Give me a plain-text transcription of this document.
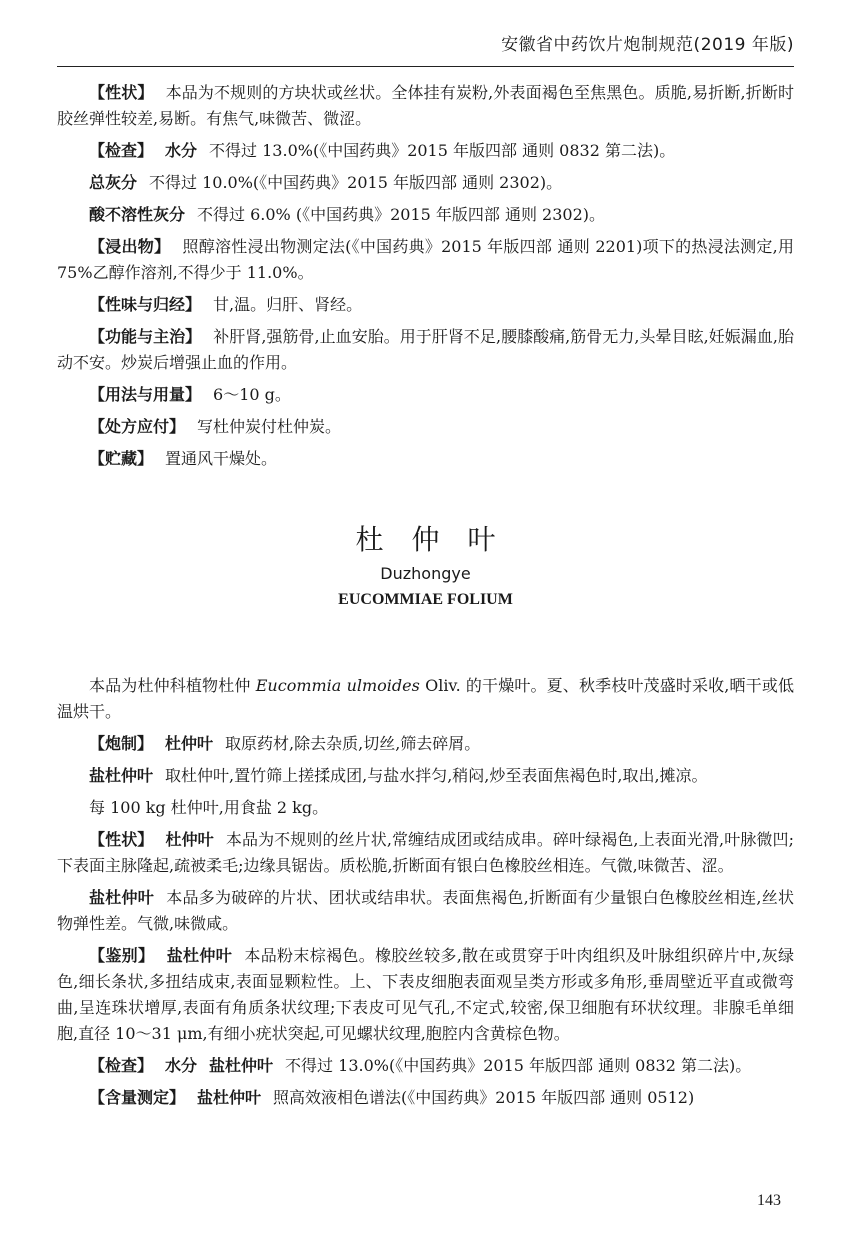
安徽省中药饮片炮制规范(2019 年版)

【性状】 本品为不规则的方块状或丝状。全体挂有炭粉,外表面褐色至焦黑色。质脆,易折断,折断时胶丝弹性较差,易断。有焦气,味微苦、微涩。

【检查】 水分 不得过 13.0%(《中国药典》2015 年版四部 通则 0832 第二法)。

总灰分 不得过 10.0%(《中国药典》2015 年版四部 通则 2302)。

酸不溶性灰分 不得过 6.0% (《中国药典》2015 年版四部 通则 2302)。

【浸出物】 照醇溶性浸出物测定法(《中国药典》2015 年版四部 通则 2201)项下的热浸法测定,用 75%乙醇作溶剂,不得少于 11.0%。

【性味与归经】 甘,温。归肝、肾经。

【功能与主治】 补肝肾,强筋骨,止血安胎。用于肝肾不足,腰膝酸痛,筋骨无力,头晕目眩,妊娠漏血,胎动不安。炒炭后增强止血的作用。

【用法与用量】 6～10 g。

【处方应付】 写杜仲炭付杜仲炭。

【贮藏】 置通风干燥处。

杜仲叶

Duzhongye

EUCOMMIAE FOLIUM

本品为杜仲科植物杜仲 Eucommia ulmoides Oliv. 的干燥叶。夏、秋季枝叶茂盛时采收,晒干或低温烘干。

【炮制】 杜仲叶 取原药材,除去杂质,切丝,筛去碎屑。

盐杜仲叶 取杜仲叶,置竹筛上搓揉成团,与盐水拌匀,稍闷,炒至表面焦褐色时,取出,摊凉。

每 100 kg 杜仲叶,用食盐 2 kg。

【性状】 杜仲叶 本品为不规则的丝片状,常缠结成团或结成串。碎叶绿褐色,上表面光滑,叶脉微凹;下表面主脉隆起,疏被柔毛;边缘具锯齿。质松脆,折断面有银白色橡胶丝相连。气微,味微苦、涩。

盐杜仲叶 本品多为破碎的片状、团状或结串状。表面焦褐色,折断面有少量银白色橡胶丝相连,丝状物弹性差。气微,味微咸。

【鉴别】 盐杜仲叶 本品粉末棕褐色。橡胶丝较多,散在或贯穿于叶肉组织及叶脉组织碎片中,灰绿色,细长条状,多扭结成束,表面显颗粒性。上、下表皮细胞表面观呈类方形或多角形,垂周壁近平直或微弯曲,呈连珠状增厚,表面有角质条状纹理;下表皮可见气孔,不定式,较密,保卫细胞有环状纹理。非腺毛单细胞,直径 10～31 μm,有细小疣状突起,可见螺状纹理,胞腔内含黄棕色物。

【检查】 水分 盐杜仲叶 不得过 13.0%(《中国药典》2015 年版四部 通则 0832 第二法)。

【含量测定】 盐杜仲叶 照高效液相色谱法(《中国药典》2015 年版四部 通则 0512)

143
